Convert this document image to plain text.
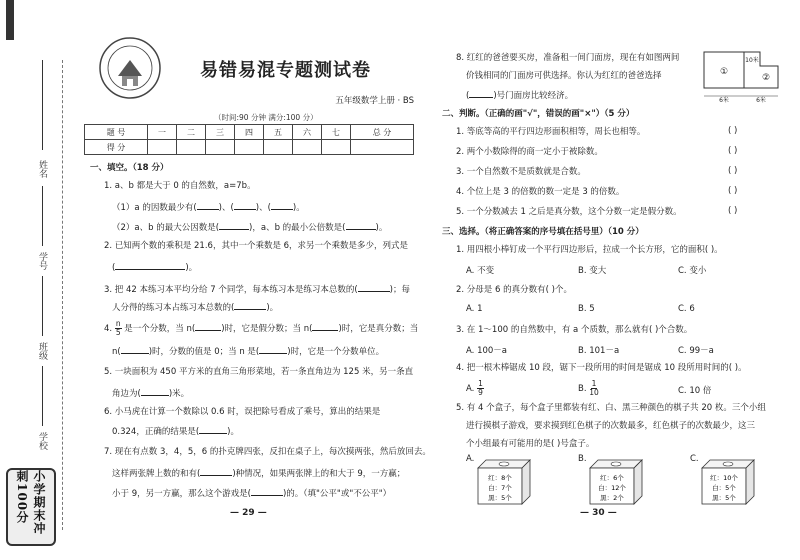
姓名
学号
班级
学校
小学期末冲刺100分
易错易混专题测试卷
五年级数学上册 · BS
（时间:90 分钟 满分:100 分）
题 号	一	二	三	四	五	六	七	总 分
得 分								
一、填空。（18 分）
1. a、b 都是大于 0 的自然数，a=7b。
（1）a 的因数最少有(	)、(	)、(	)。
（2）a、b 的最大公因数是(	)，a、b 的最小公倍数是(	)。
2. 已知两个数的乘积是 21.6，其中一个乘数是 6，求另一个乘数是多少，列式是
(	)。
3. 把 42 本练习本平均分给 7 个同学，每本练习本是练习本总数的(	)；每
人分得的练习本占练习本总数的(	)。
4. $\frac{n}{5}$ 是一个分数，当 n(	)时，它是假分数；当 n(	)时，它是真分数；当
n(	)时，分数的值是 0；当 n 是(	)时，它是一个分数单位。
5. 一块面积为 450 平方米的直角三角形菜地，若一条直角边为 125 米，另一条直
角边为(	)米。
6. 小马虎在计算一个数除以 0.6 时，误把除号看成了乘号，算出的结果是
0.324，正确的结果是(	)。
7. 现在有点数 3，4，5，6 的扑克牌四张，反扣在桌子上，每次摸两张，然后放回去。
这样两张牌上数的和有(	)种情况，如果两张牌上的和大于 9，一方赢；
小于 9，另一方赢，那么这个游戏是(	)的。（填"公平"或"不公平"）
— 29 —
8. 红红的爸爸要买房，准备租一间门面房，现在有如图两间
价钱相同的门面房可供选择。你认为红红的爸爸选择
(	)号门面房比较经济。
①
②
10米
6米	6米
二、判断。（正确的画"√"，错误的画"×"）（5 分）
1. 等底等高的平行四边形面积相等，周长也相等。	( )
2. 两个小数除得的商一定小于被除数。	( )
3. 一个自然数不是质数就是合数。	( )
4. 个位上是 3 的倍数的数一定是 3 的倍数。	( )
5. 一个分数减去 1 之后是真分数，这个分数一定是假分数。	( )
三、选择。（将正确答案的序号填在括号里）（10 分）
1. 用四根小棒钉成一个平行四边形后，拉成一个长方形，它的面积( )。
A. 不变	B. 变大	C. 变小
2. 分母是 6 的真分数有( )个。
A. 1	B. 5	C. 6
3. 在 1～100 的自然数中，有 a 个质数，那么就有( )个合数。
A. 100－a	B. 101－a	C. 99－a
4. 把一根木棒锯成 10 段，锯下一段所用的时间是锯成 10 段所用时间的( )。
A. $\frac{1}{9}$	B. $\frac{1}{10}$	C. 10 倍
5. 有 4 个盒子，每个盒子里都装有红、白、黑三种颜色的棋子共 20 枚。三个小组
进行摸棋子游戏，要求摸到红色棋子的次数最多，红色棋子的次数最少，这三
个小组最有可能用的是( )号盒子。
A.
红：8个
白：7个
黑：5个
B.
红：6个
白：12个
黑：2个
C.
红：10个
白：5个
黑：5个
— 30 —
